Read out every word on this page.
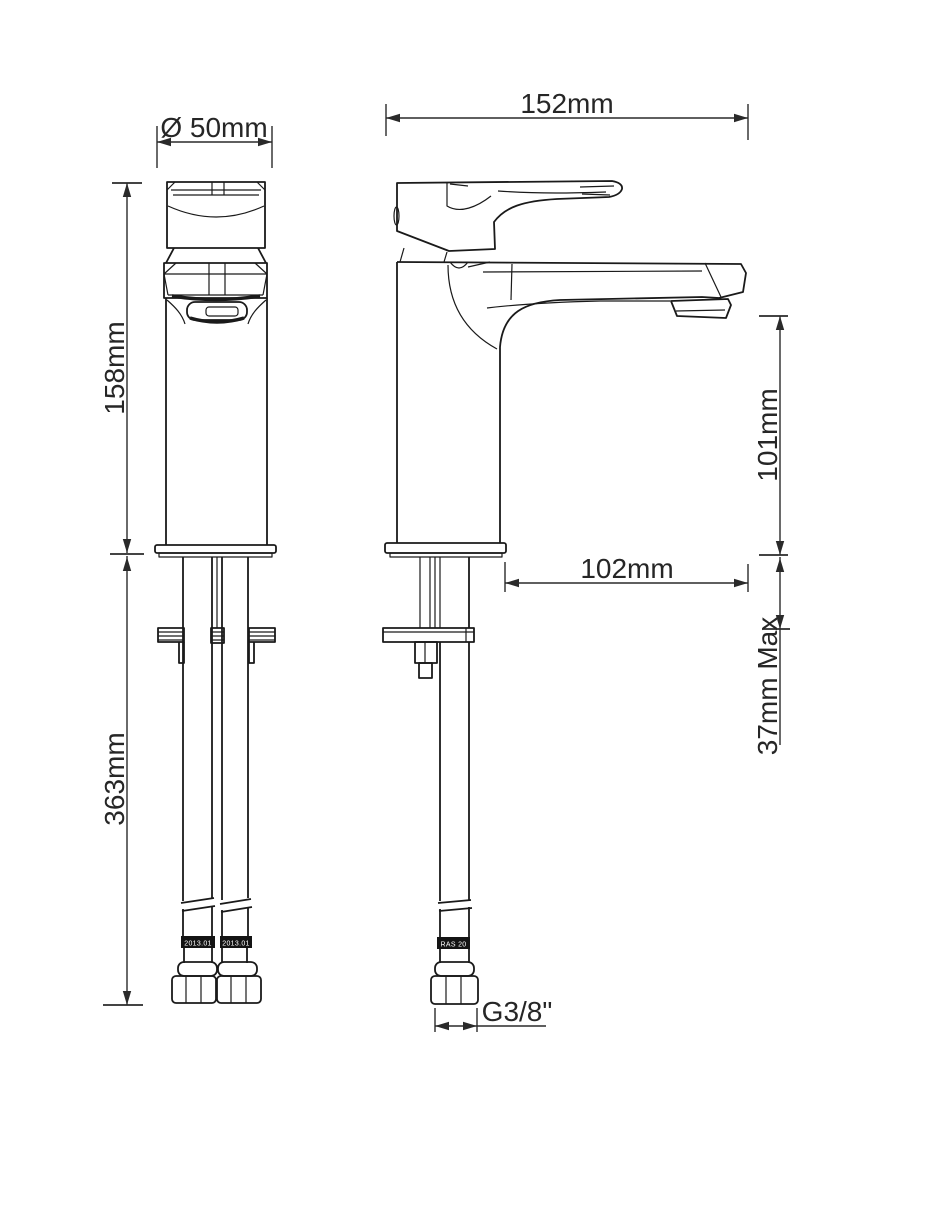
2013.01 2013.01	RAS 20
Ø 50mm
152mm
158mm
363mm
101mm
37mm Max
102mm
G3/8"
